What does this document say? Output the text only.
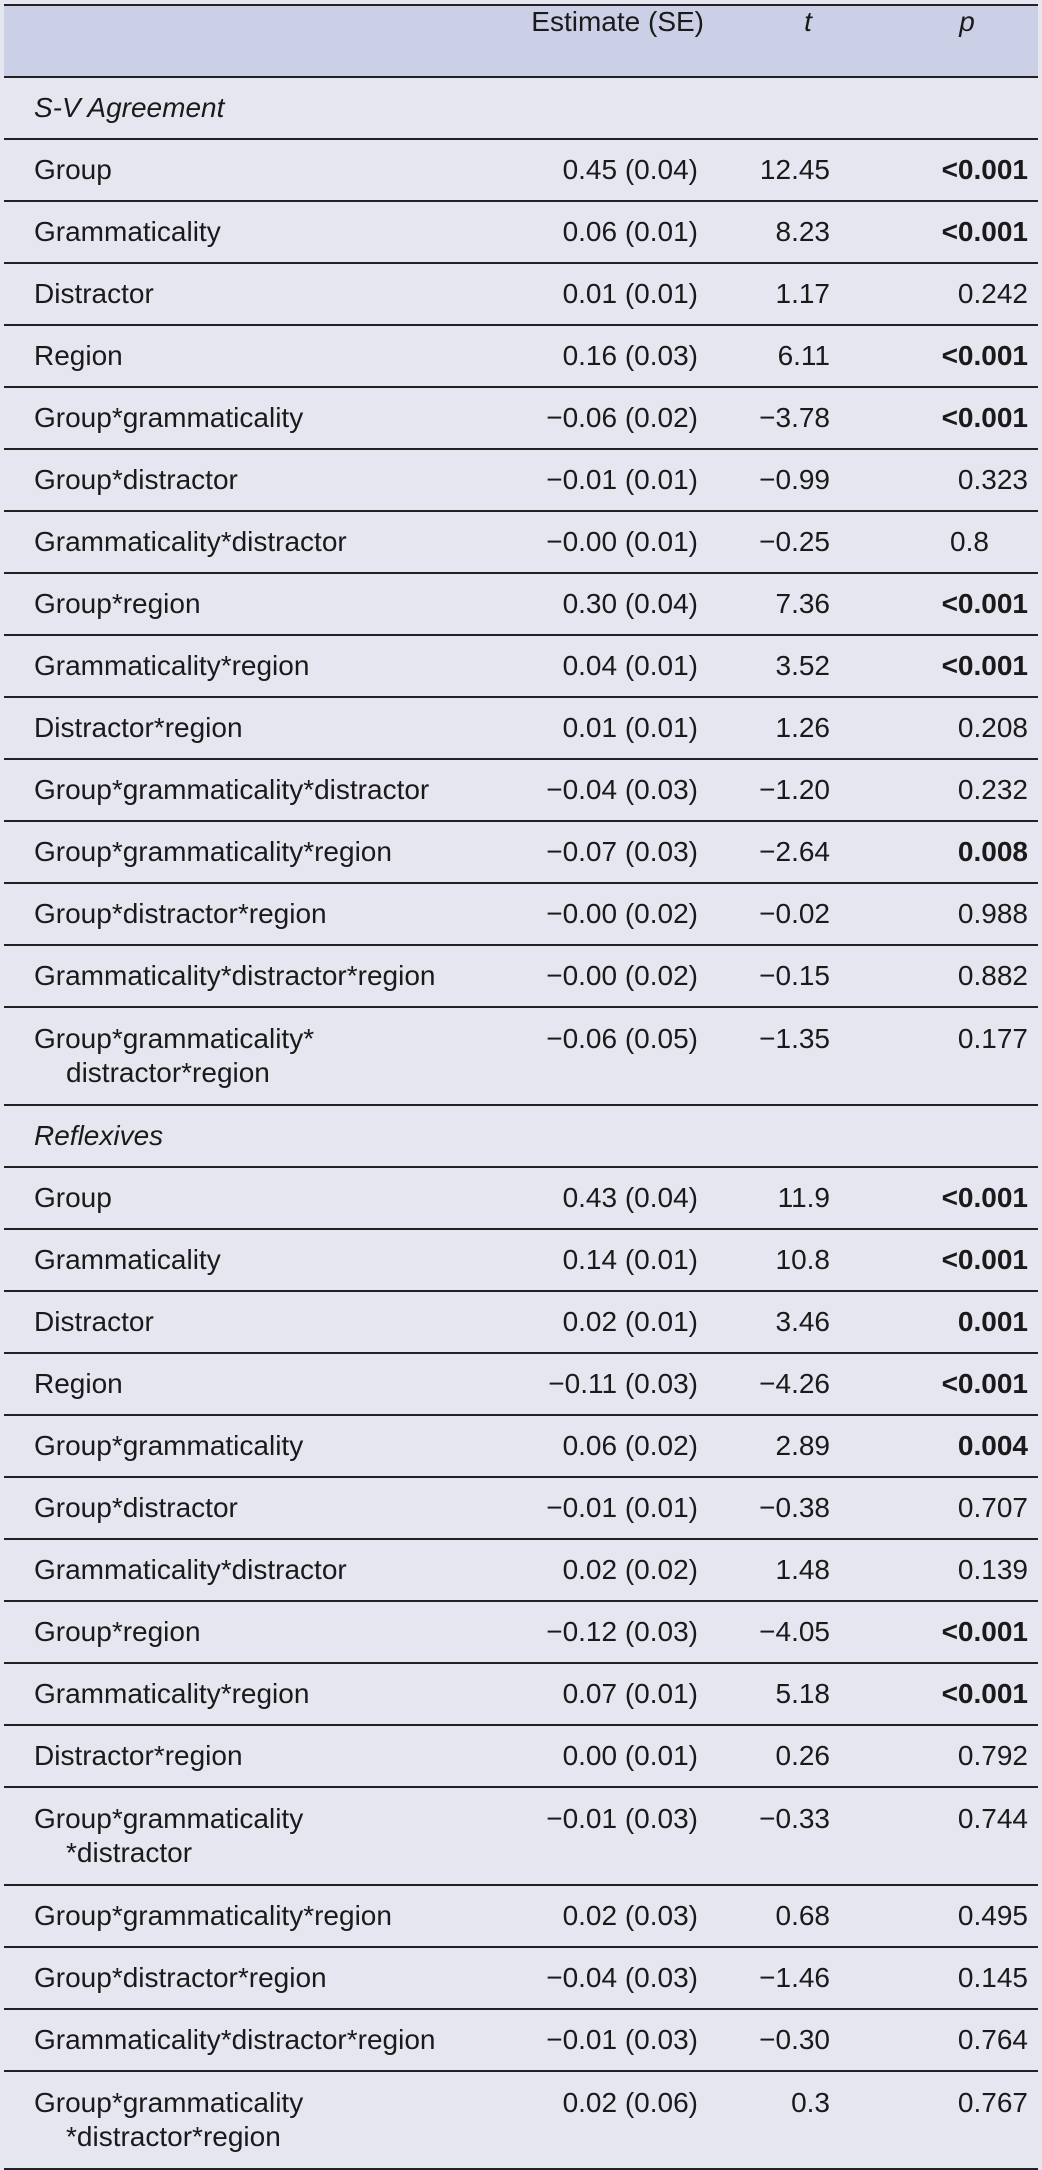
	Estimate (SE)	t	p
S-V Agreement			
Group	0.45 (0.04)	12.45	<0.001
Grammaticality	0.06 (0.01)	8.23	<0.001
Distractor	0.01 (0.01)	1.17	0.242
Region	0.16 (0.03)	6.11	<0.001
Group*grammaticality	−0.06 (0.02)	−3.78	<0.001
Group*distractor	−0.01 (0.01)	−0.99	0.323
Grammaticality*distractor	−0.00 (0.01)	−0.25	0.8
Group*region	0.30 (0.04)	7.36	<0.001
Grammaticality*region	0.04 (0.01)	3.52	<0.001
Distractor*region	0.01 (0.01)	1.26	0.208
Group*grammaticality*distractor	−0.04 (0.03)	−1.20	0.232
Group*grammaticality*region	−0.07 (0.03)	−2.64	0.008
Group*distractor*region	−0.00 (0.02)	−0.02	0.988
Grammaticality*distractor*region	−0.00 (0.02)	−0.15	0.882
Group*grammaticality*
distractor*region	−0.06 (0.05)	−1.35	0.177
Reflexives			
Group	0.43 (0.04)	11.9	<0.001
Grammaticality	0.14 (0.01)	10.8	<0.001
Distractor	0.02 (0.01)	3.46	0.001
Region	−0.11 (0.03)	−4.26	<0.001
Group*grammaticality	0.06 (0.02)	2.89	0.004
Group*distractor	−0.01 (0.01)	−0.38	0.707
Grammaticality*distractor	0.02 (0.02)	1.48	0.139
Group*region	−0.12 (0.03)	−4.05	<0.001
Grammaticality*region	0.07 (0.01)	5.18	<0.001
Distractor*region	0.00 (0.01)	0.26	0.792
Group*grammaticality
*distractor	−0.01 (0.03)	−0.33	0.744
Group*grammaticality*region	0.02 (0.03)	0.68	0.495
Group*distractor*region	−0.04 (0.03)	−1.46	0.145
Grammaticality*distractor*region	−0.01 (0.03)	−0.30	0.764
Group*grammaticality
*distractor*region	0.02 (0.06)	0.3	0.767
